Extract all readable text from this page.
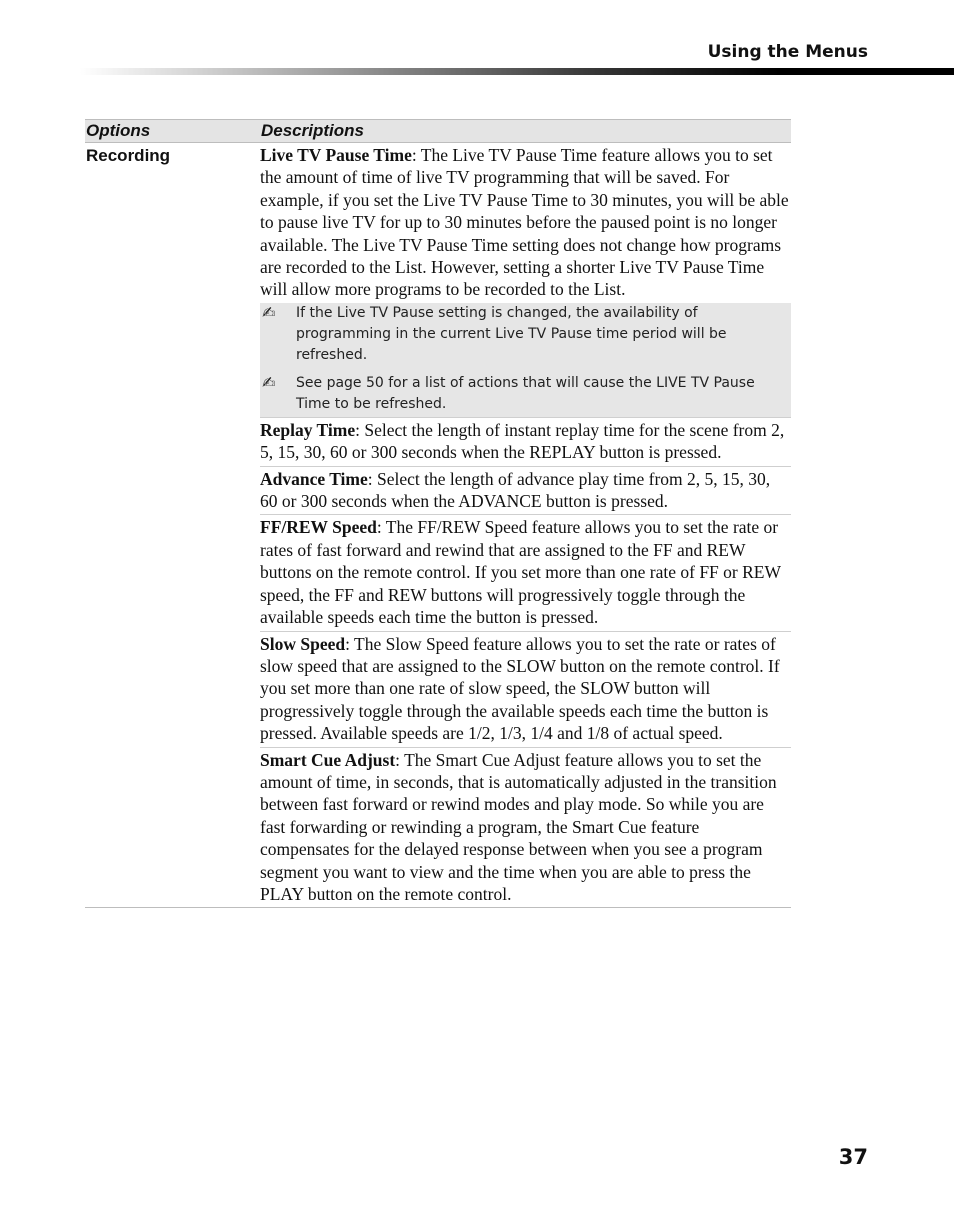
Using the Menus
Options	Descriptions
Recording	Live TV Pause Time: The Live TV Pause Time feature allows you to set the amount of time of live TV programming that will be saved. For example, if you set the Live TV Pause Time to 30 minutes, you will be able to pause live TV for up to 30 minutes before the paused point is no longer available. The Live TV Pause Time setting does not change how programs are recorded to the List. However, setting a shorter Live TV Pause Time will allow more programs to be recorded to the List.
✍	If the Live TV Pause setting is changed, the availability of programming in the current Live TV Pause time period will be refreshed.
✍	See page 50 for a list of actions that will cause the LIVE TV Pause Time to be refreshed.
Replay Time: Select the length of instant replay time for the scene from 2, 5, 15, 30, 60 or 300 seconds when the REPLAY button is pressed.
Advance Time: Select the length of advance play time from 2, 5, 15, 30, 60 or 300 seconds when the ADVANCE button is pressed.
FF/REW Speed: The FF/REW Speed feature allows you to set the rate or rates of fast forward and rewind that are assigned to the FF and REW buttons on the remote control. If you set more than one rate of FF or REW speed, the FF and REW buttons will progressively toggle through the available speeds each time the button is pressed.
Slow Speed: The Slow Speed feature allows you to set the rate or rates of slow speed that are assigned to the SLOW button on the remote control. If you set more than one rate of slow speed, the SLOW button will progressively toggle through the available speeds each time the button is pressed. Available speeds are 1/2, 1/3, 1/4 and 1/8 of actual speed.
Smart Cue Adjust: The Smart Cue Adjust feature allows you to set the amount of time, in seconds, that is automatically adjusted in the transition between fast forward or rewind modes and play mode. So while you are fast forwarding or rewinding a program, the Smart Cue feature compensates for the delayed response between when you see a program segment you want to view and the time when you are able to press the PLAY button on the remote control.
37
